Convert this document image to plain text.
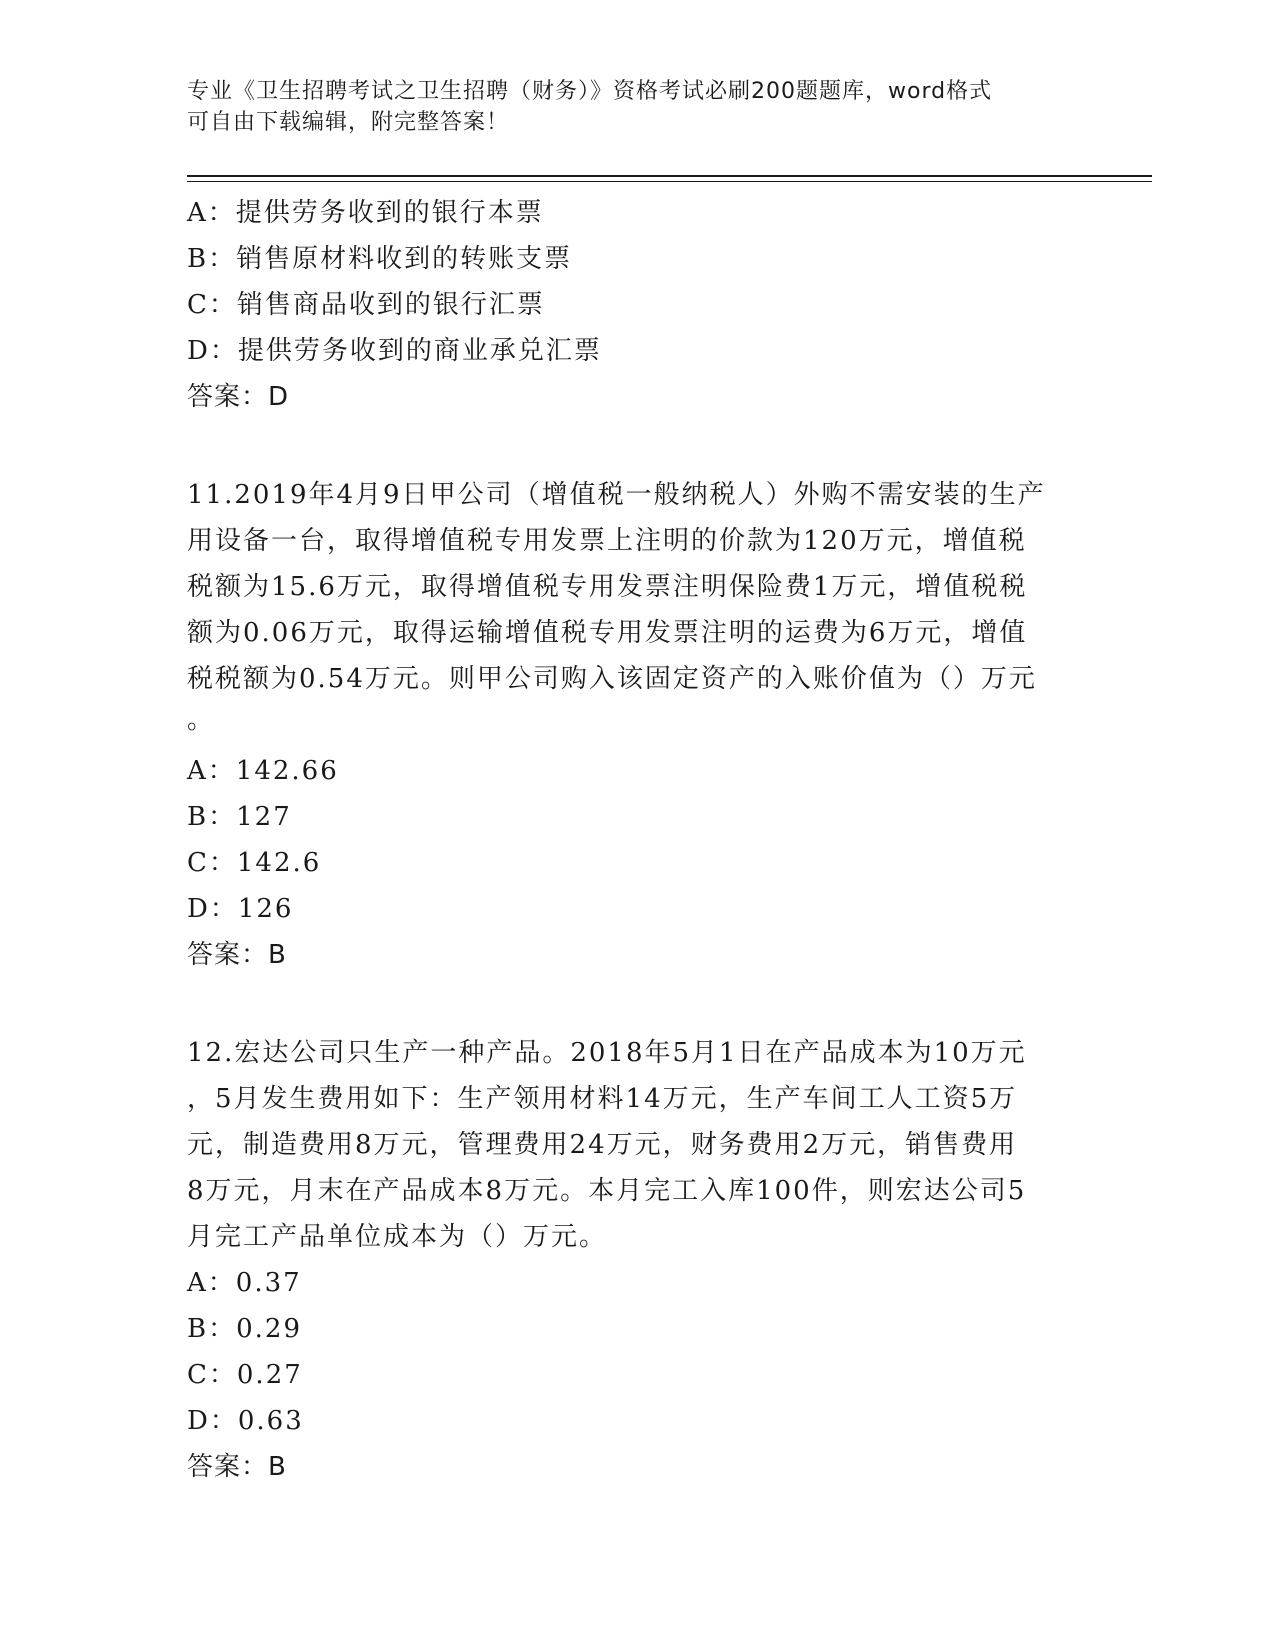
专业《卫生招聘考试之卫生招聘（财务）》资格考试必刷200题题库，word格式
可自由下载编辑，附完整答案！
A：提供劳务收到的银行本票
B：销售原材料收到的转账支票
C：销售商品收到的银行汇票
D：提供劳务收到的商业承兑汇票
答案：D
11.2019年4月9日甲公司（增值税一般纳税人）外购不需安装的生产
用设备一台，取得增值税专用发票上注明的价款为120万元，增值税
税额为15.6万元，取得增值税专用发票注明保险费1万元，增值税税
额为0.06万元，取得运输增值税专用发票注明的运费为6万元，增值
税税额为0.54万元。则甲公司购入该固定资产的入账价值为（）万元
。
A：142.66
B：127
C：142.6
D：126
答案：B
12.宏达公司只生产一种产品。2018年5月1日在产品成本为10万元
，5月发生费用如下：生产领用材料14万元，生产车间工人工资5万
元，制造费用8万元，管理费用24万元，财务费用2万元，销售费用
8万元，月末在产品成本8万元。本月完工入库100件，则宏达公司5
月完工产品单位成本为（）万元。
A：0.37
B：0.29
C：0.27
D：0.63
答案：B
